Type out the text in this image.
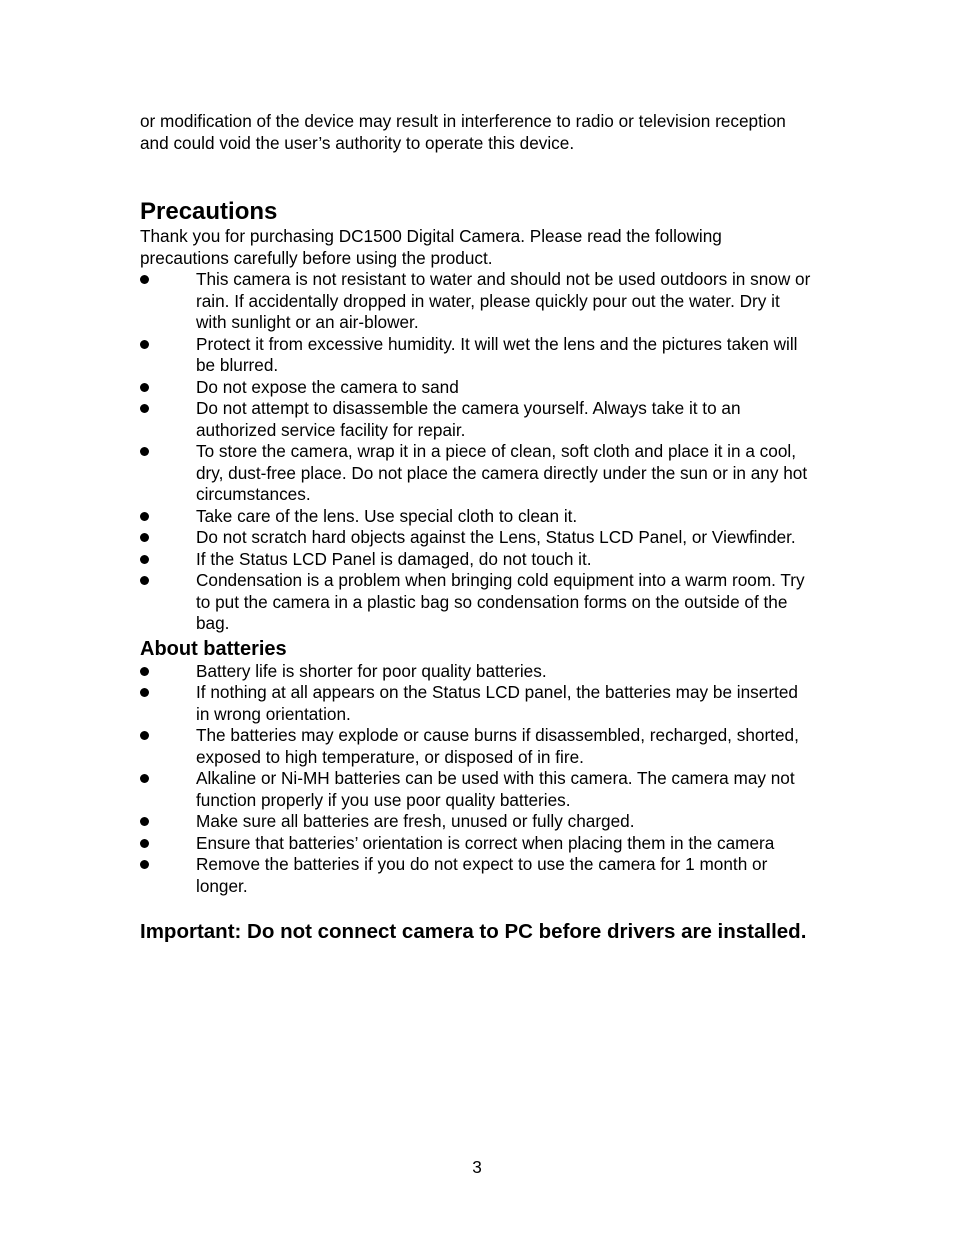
or modification of the device may result in interference to radio or television reception and could void the user’s authority to operate this device.

Precautions

Thank you for purchasing DC1500 Digital Camera. Please read the following precautions carefully before using the product.

This camera is not resistant to water and should not be used outdoors in snow or rain. If accidentally dropped in water, please quickly pour out the water. Dry it with sunlight or an air-blower.
Protect it from excessive humidity. It will wet the lens and the pictures taken will be blurred.
Do not expose the camera to sand
Do not attempt to disassemble the camera yourself. Always take it to an authorized service facility for repair.
To store the camera, wrap it in a piece of clean, soft cloth and place it in a cool, dry, dust-free place. Do not place the camera directly under the sun or in any hot circumstances.
Take care of the lens. Use special cloth to clean it.
Do not scratch hard objects against the Lens, Status LCD Panel, or Viewfinder.
If the Status LCD Panel is damaged, do not touch it.
Condensation is a problem when bringing cold equipment into a warm room. Try to put the camera in a plastic bag so condensation forms on the outside of the bag.
About batteries
Battery life is shorter for poor quality batteries.
If nothing at all appears on the Status LCD panel, the batteries may be inserted in wrong orientation.
The batteries may explode or cause burns if disassembled, recharged, shorted, exposed to high temperature, or disposed of in fire.
Alkaline or Ni-MH batteries can be used with this camera. The camera may not function properly if you use poor quality batteries.
Make sure all batteries are fresh, unused or fully charged.
Ensure that batteries’ orientation is correct when placing them in the camera
Remove the batteries if you do not expect to use the camera for 1 month or longer.

Important: Do not connect camera to PC before drivers are installed.

3
